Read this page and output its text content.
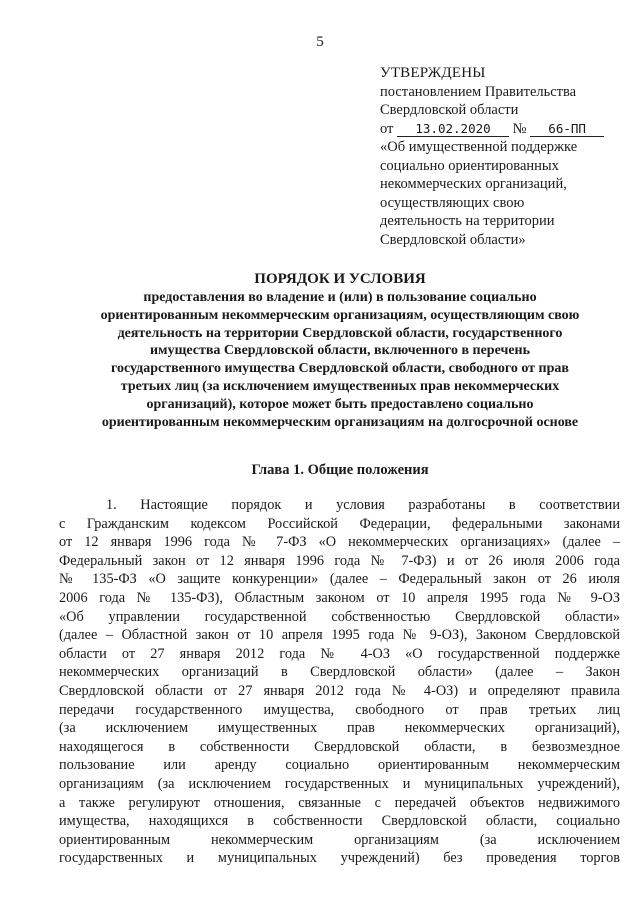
5
УТВЕРЖДЕНЫ
постановлением Правительства
Свердловской области
от 13.02.2020 № 66-ПП
«Об имущественной поддержке
социально ориентированных
некоммерческих организаций,
осуществляющих свою
деятельность на территории
Свердловской области»
ПОРЯДОК И УСЛОВИЯ
предоставления во владение и (или) в пользование социально
ориентированным некоммерческим организациям, осуществляющим свою
деятельность на территории Свердловской области, государственного
имущества Свердловской области, включенного в перечень
государственного имущества Свердловской области, свободного от прав
третьих лиц (за исключением имущественных прав некоммерческих
организаций), которое может быть предоставлено социально
ориентированным некоммерческим организациям на долгосрочной основе
Глава 1. Общие положения
1. Настоящие порядок и условия разработаны в соответствии
с Гражданским кодексом Российской Федерации, федеральными законами
от 12 января 1996 года № 7-ФЗ «О некоммерческих организациях» (далее –
Федеральный закон от 12 января 1996 года № 7-ФЗ) и от 26 июля 2006 года
№ 135-ФЗ «О защите конкуренции» (далее – Федеральный закон от 26 июля
2006 года № 135-ФЗ), Областным законом от 10 апреля 1995 года № 9-ОЗ
«Об управлении государственной собственностью Свердловской области»
(далее – Областной закон от 10 апреля 1995 года № 9-ОЗ), Законом Свердловской
области от 27 января 2012 года № 4-ОЗ «О государственной поддержке
некоммерческих организаций в Свердловской области» (далее – Закон
Свердловской области от 27 января 2012 года № 4-ОЗ) и определяют правила
передачи государственного имущества, свободного от прав третьих лиц
(за исключением имущественных прав некоммерческих организаций),
находящегося в собственности Свердловской области, в безвозмездное
пользование или аренду социально ориентированным некоммерческим
организациям (за исключением государственных и муниципальных учреждений),
а также регулируют отношения, связанные с передачей объектов недвижимого
имущества, находящихся в собственности Свердловской области, социально
ориентированным некоммерческим организациям (за исключением
государственных и муниципальных учреждений) без проведения торгов
